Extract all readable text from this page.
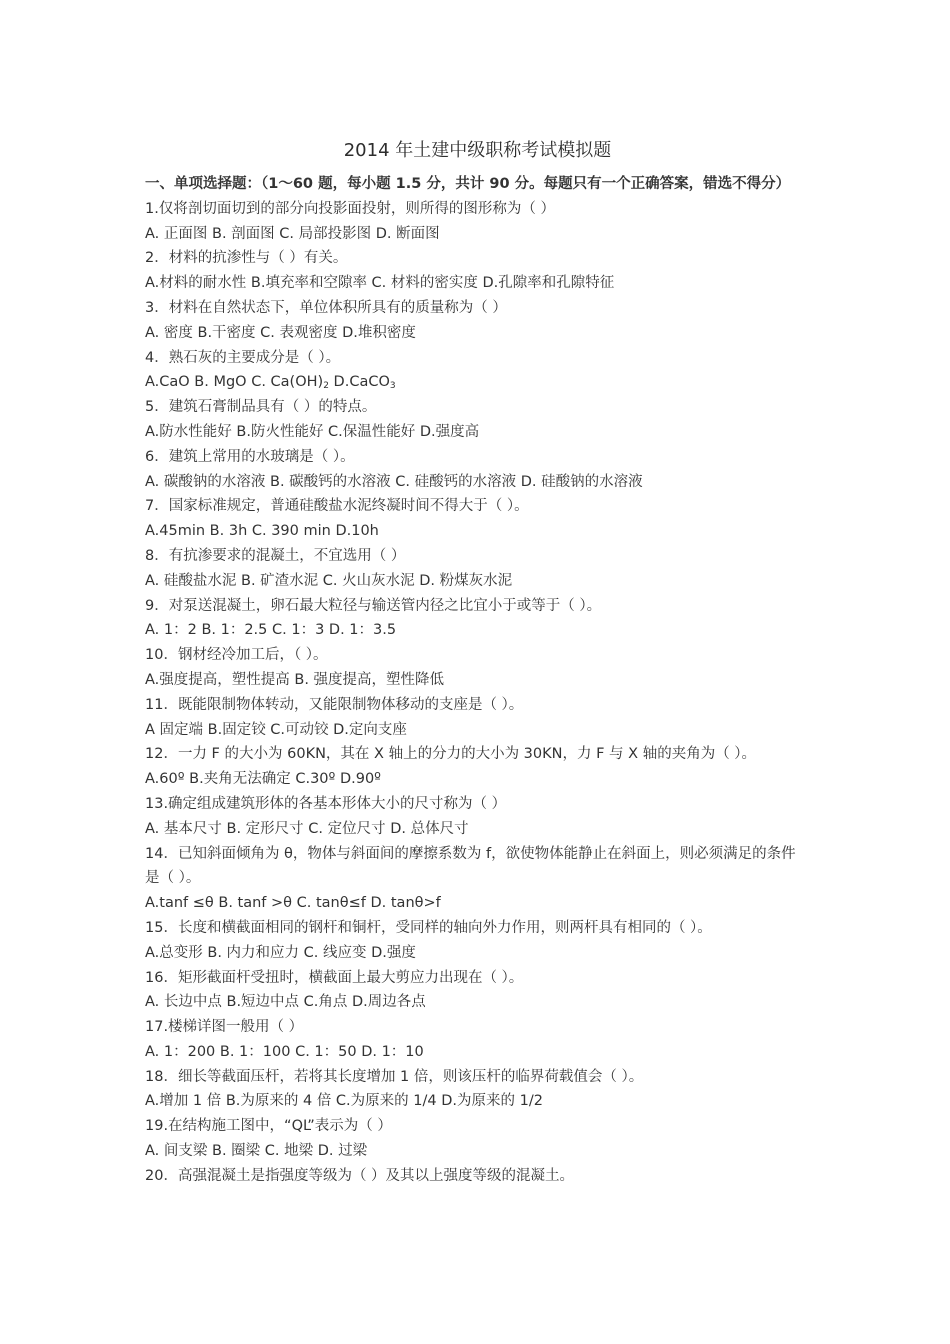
2014 年土建中级职称考试模拟题
一、单项选择题：（1～60 题，每小题 1.5 分，共计 90 分。每题只有一个正确答案，错选不得分）
1.仅将剖切面切到的部分向投影面投射，则所得的图形称为（ ）
A. 正面图 B. 剖面图 C. 局部投影图 D. 断面图
2．材料的抗渗性与（ ）有关。
A.材料的耐水性 B.填充率和空隙率 C. 材料的密实度 D.孔隙率和孔隙特征
3．材料在自然状态下，单位体积所具有的质量称为（ ）
A. 密度 B.干密度 C. 表观密度 D.堆积密度
4．熟石灰的主要成分是（ ）。
A.CaO B. MgO C. $Ca(OH)_2$ D.CaCO$_3$
5．建筑石膏制品具有（ ）的特点。
A.防水性能好 B.防火性能好 C.保温性能好 D.强度高
6．建筑上常用的水玻璃是（ ）。
A. 碳酸钠的水溶液 B. 碳酸钙的水溶液 C. 硅酸钙的水溶液 D. 硅酸钠的水溶液
7．国家标准规定，普通硅酸盐水泥终凝时间不得大于（ ）。
A.45min B. 3h C. 390 min D.10h
8．有抗渗要求的混凝土，不宜选用（ ）
A. 硅酸盐水泥 B. 矿渣水泥 C. 火山灰水泥 D. 粉煤灰水泥
9．对泵送混凝土，卵石最大粒径与输送管内径之比宜小于或等于（ ）。
A. 1：2 B. 1：2.5 C. 1：3 D. 1：3.5
10．钢材经冷加工后，（ ）。
A.强度提高，塑性提高 B. 强度提高，塑性降低
11．既能限制物体转动，又能限制物体移动的支座是（ ）。
A 固定端 B.固定铰 C.可动铰 D.定向支座
12．一力 F 的大小为 60KN，其在 X 轴上的分力的大小为 30KN，力 F 与 X 轴的夹角为（ ）。
A.60º B.夹角无法确定 C.30º D.90º
13.确定组成建筑形体的各基本形体大小的尺寸称为（ ）
A. 基本尺寸 B. 定形尺寸 C. 定位尺寸 D. 总体尺寸
14．已知斜面倾角为 θ，物体与斜面间的摩擦系数为 f，欲使物体能静止在斜面上，则必须满足的条件是（ ）。
A.tanf ≤θ B. tanf >θ C. tanθ≤f D. tanθ>f
15．长度和横截面相同的钢杆和铜杆，受同样的轴向外力作用，则两杆具有相同的（ ）。
A.总变形 B. 内力和应力 C. 线应变 D.强度
16．矩形截面杆受扭时，横截面上最大剪应力出现在（ ）。
A. 长边中点 B.短边中点 C.角点 D.周边各点
17.楼梯详图一般用（ ）
A. 1：200 B. 1：100 C. 1：50 D. 1：10
18．细长等截面压杆，若将其长度增加 1 倍，则该压杆的临界荷载值会（ ）。
A.增加 1 倍 B.为原来的 4 倍 C.为原来的 1/4 D.为原来的 1/2
19.在结构施工图中，“QL”表示为（ ）
A. 间支梁 B. 圈梁 C. 地梁 D. 过梁
20．高强混凝土是指强度等级为（ ）及其以上强度等级的混凝土。
